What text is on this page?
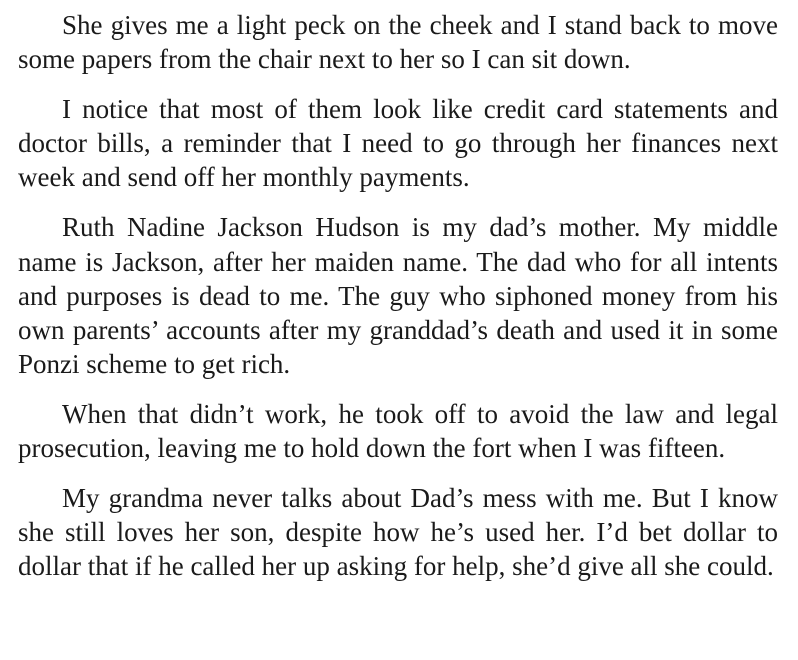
She gives me a light peck on the cheek and I stand back to move some papers from the chair next to her so I can sit down.

I notice that most of them look like credit card statements and doctor bills, a reminder that I need to go through her finances next week and send off her monthly payments.

Ruth Nadine Jackson Hudson is my dad’s mother. My middle name is Jackson, after her maiden name. The dad who for all intents and purposes is dead to me. The guy who siphoned money from his own parents’ accounts after my granddad’s death and used it in some Ponzi scheme to get rich.

When that didn’t work, he took off to avoid the law and legal prosecution, leaving me to hold down the fort when I was fifteen.

My grandma never talks about Dad’s mess with me. But I know she still loves her son, despite how he’s used her. I’d bet dollar to dollar that if he called her up asking for help, she’d give all she could.
